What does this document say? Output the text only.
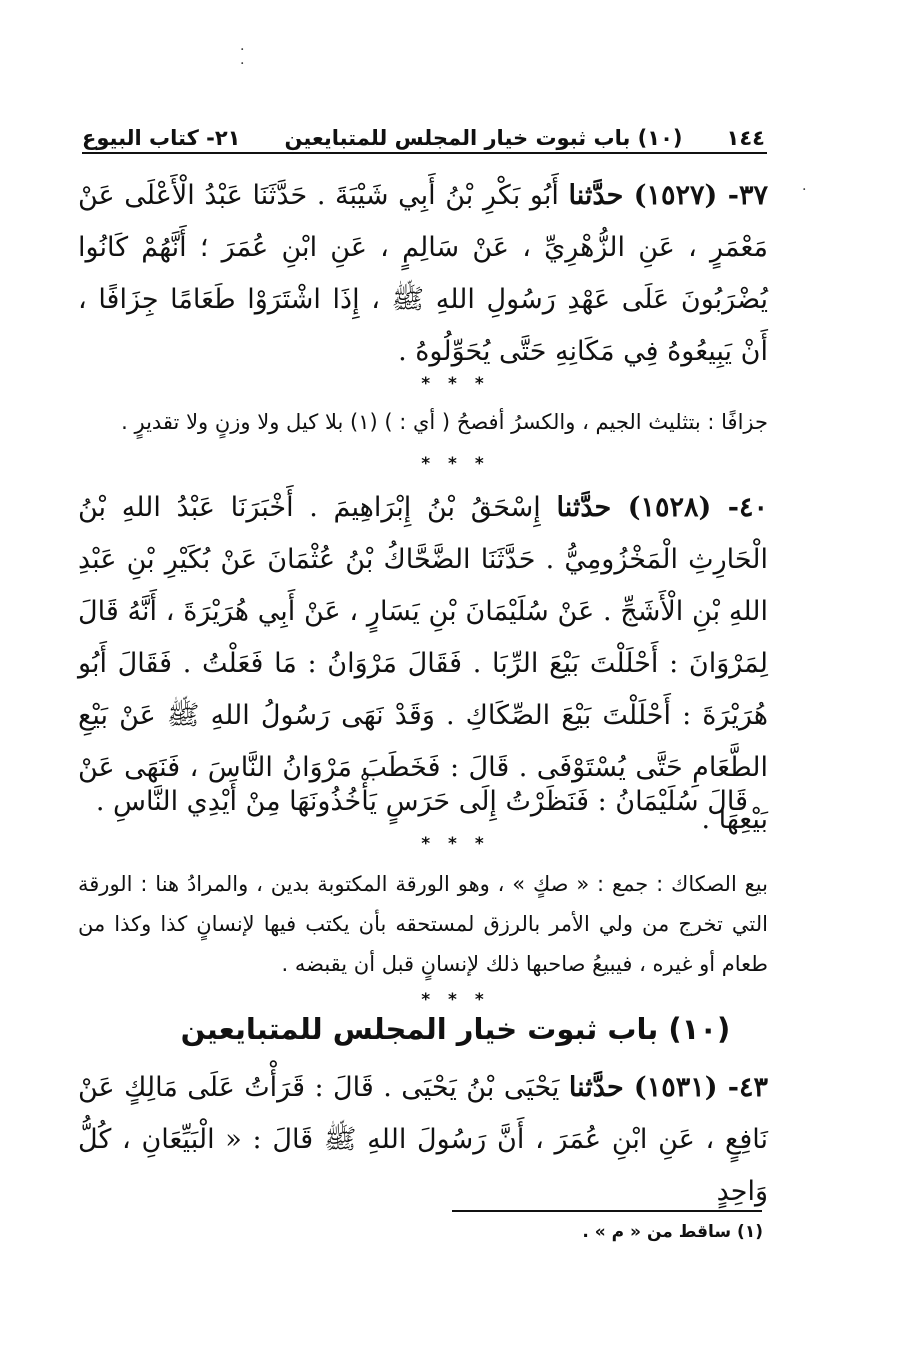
.
.
.
١٤٤
(١٠) باب ثبوت خيار المجلس للمتبايعين
٢١- كتاب البيوع
٣٧- (١٥٢٧) حدَّثنا أَبُو بَكْرِ بْنُ أَبِي شَيْبَةَ . حَدَّثَنَا عَبْدُ الْأَعْلَى عَنْ مَعْمَرٍ ، عَنِ الزُّهْرِيِّ ، عَنْ سَالِمٍ ، عَنِ ابْنِ عُمَرَ ؛ أَنَّهُمْ كَانُوا يُضْرَبُونَ عَلَى عَهْدِ رَسُولِ اللهِ ﷺ ، إِذَا اشْتَرَوْا طَعَامًا جِزَافًا ، أَنْ يَبِيعُوهُ فِي مَكَانِهِ حَتَّى يُحَوِّلُوهُ .
* * *
جزافًا : بتثليث الجيم ، والكسرُ أفصحُ ( أي : ) (١) بلا كيل ولا وزنٍ ولا تقديرٍ .
* * *
٤٠- (١٥٢٨) حدَّثنا إِسْحَقُ بْنُ إِبْرَاهِيمَ . أَخْبَرَنَا عَبْدُ اللهِ بْنُ الْحَارِثِ الْمَخْزُومِيُّ . حَدَّثَنَا الضَّحَّاكُ بْنُ عُثْمَانَ عَنْ بُكَيْرِ بْنِ عَبْدِ اللهِ بْنِ الْأَشَجِّ . عَنْ سُلَيْمَانَ بْنِ يَسَارٍ ، عَنْ أَبِي هُرَيْرَةَ ، أَنَّهُ قَالَ لِمَرْوَانَ : أَحْلَلْتَ بَيْعَ الرِّبَا . فَقَالَ مَرْوَانُ : مَا فَعَلْتُ . فَقَالَ أَبُو هُرَيْرَةَ : أَحْلَلْتَ بَيْعَ الصِّكَاكِ . وَقَدْ نَهَى رَسُولُ اللهِ ﷺ عَنْ بَيْعِ الطَّعَامِ حَتَّى يُسْتَوْفَى . قَالَ : فَخَطَبَ مَرْوَانُ النَّاسَ ، فَنَهَى عَنْ بَيْعِهَا .
قَالَ سُلَيْمَانُ : فَنَظَرْتُ إِلَى حَرَسٍ يَأْخُذُونَهَا مِنْ أَيْدِي النَّاسِ .
* * *
بيع الصكاك : جمع : « صكٍ » ، وهو الورقة المكتوبة بدين ، والمرادُ هنا : الورقة التي تخرج من ولي الأمر بالرزق لمستحقه بأن يكتب فيها لإنسانٍ كذا وكذا من طعام أو غيره ، فيبيعُ صاحبها ذلك لإنسانٍ قبل أن يقبضه .
* * *
(١٠) باب ثبوت خيار المجلس للمتبايعين
٤٣- (١٥٣١) حدَّثنا يَحْيَى بْنُ يَحْيَى . قَالَ : قَرَأْتُ عَلَى مَالِكٍ عَنْ نَافِعٍ ، عَنِ ابْنِ عُمَرَ ، أَنَّ رَسُولَ اللهِ ﷺ قَالَ : « الْبَيِّعَانِ ، كُلُّ وَاحِدٍ
(١) ساقط من « م » .
